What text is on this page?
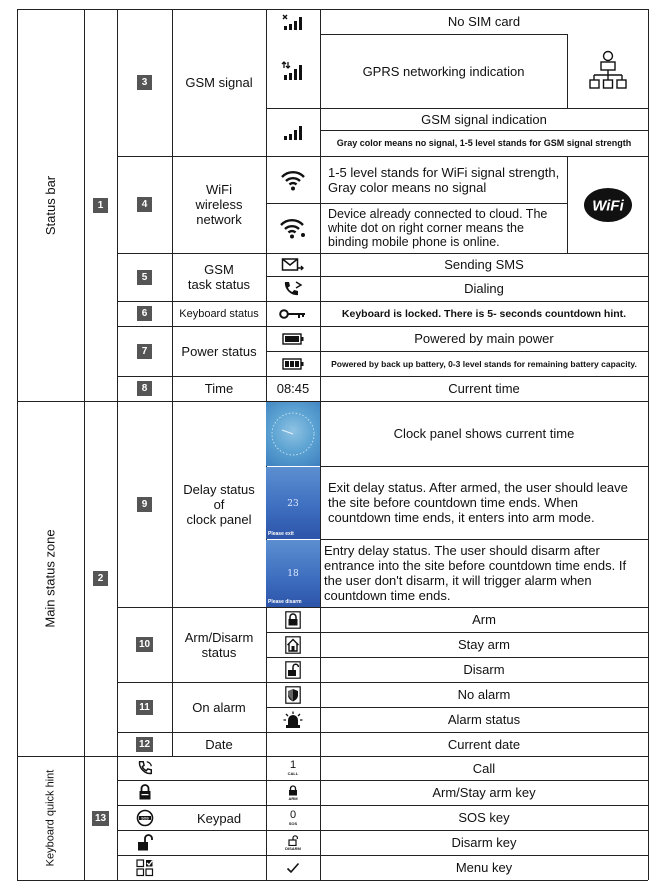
Status bar
Main status zone
Keyboard quick hint
1
2
13
3
4
5
6
7
8
9
10
11
12
GSM signal
WiFi
wireless
network
GSM
task status
Keyboard status
Power status
Time
Delay status
of
clock panel
Arm/Disarm
status
On alarm
Date
Keypad
SOS
08:45
23
Please exit
18
Please disarm
1
CALL
ARM
0
SOS
DISARM
No SIM card
GPRS networking indication
GSM signal indication
Gray color means no signal, 1-5 level stands for GSM signal strength
1-5 level stands for WiFi signal strength, Gray color means no signal
Device already connected to cloud. The white dot on right corner means the binding mobile phone is online.
WiFi
Sending SMS
Dialing
Keyboard is locked. There is 5- seconds countdown hint.
Powered by main power
Powered by back up battery, 0-3 level stands for remaining battery capacity.
Current time
Clock panel shows current time
Exit delay status. After armed, the user should leave the site before countdown time ends. When countdown time ends, it enters into arm mode.
Entry delay status. The user should disarm after entrance into the site before countdown time ends. If the user don't disarm, it will trigger alarm when countdown time ends.
Arm
Stay arm
Disarm
No alarm
Alarm status
Current date
Call
Arm/Stay arm key
SOS key
Disarm key
Menu key
